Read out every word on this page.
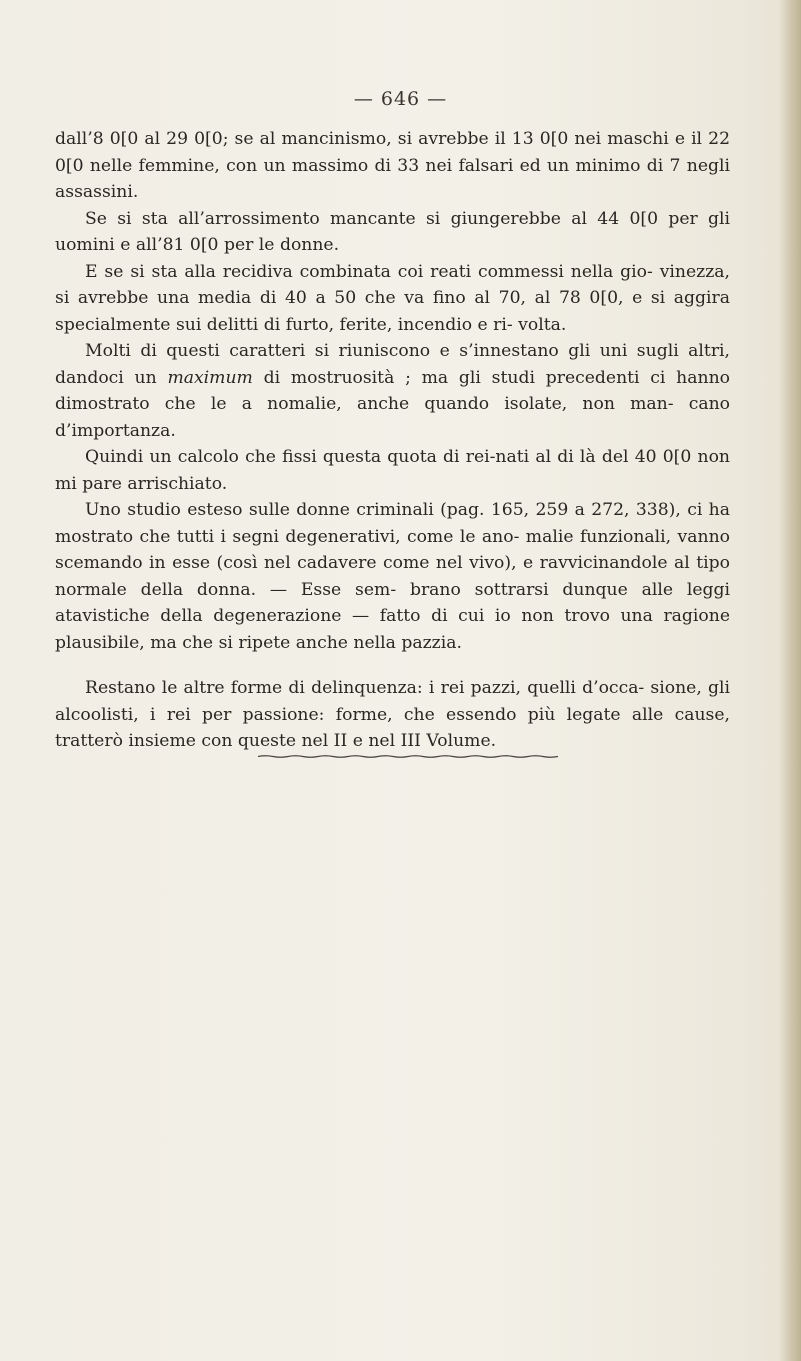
— 646 —

dall’8 0[0 al 29 0[0; se al mancinismo, si avrebbe il 13 0[0 nei maschi e il 22 0[0 nelle femmine, con un massimo di 33 nei falsari ed un minimo di 7 negli assassini.

Se si sta all’arrossimento mancante si giungerebbe al 44 0[0 per gli uomini e all’81 0[0 per le donne.

E se si sta alla recidiva combinata coi reati commessi nella gio- vinezza, si avrebbe una media di 40 a 50 che va fino al 70, al 78 0[0, e si aggira specialmente sui delitti di furto, ferite, incendio e ri- volta.

Molti di questi caratteri si riuniscono e s’innestano gli uni sugli altri, dandoci un maximum di mostruosità ; ma gli studi precedenti ci hanno dimostrato che le a nomalie, anche quando isolate, non man- cano d’importanza.

Quindi un calcolo che fissi questa quota di rei-nati al di là del 40 0[0 non mi pare arrischiato.

Uno studio esteso sulle donne criminali (pag. 165, 259 a 272, 338), ci ha mostrato che tutti i segni degenerativi, come le ano- malie funzionali, vanno scemando in esse (così nel cadavere come nel vivo), e ravvicinandole al tipo normale della donna. — Esse sem- brano sottrarsi dunque alle leggi atavistiche della degenerazione — fatto di cui io non trovo una ragione plausibile, ma che si ripete anche nella pazzia.

Restano le altre forme di delinquenza: i rei pazzi, quelli d’occa- sione, gli alcoolisti, i rei per passione: forme, che essendo più legate alle cause, tratterò insieme con queste nel II e nel III Volume.
